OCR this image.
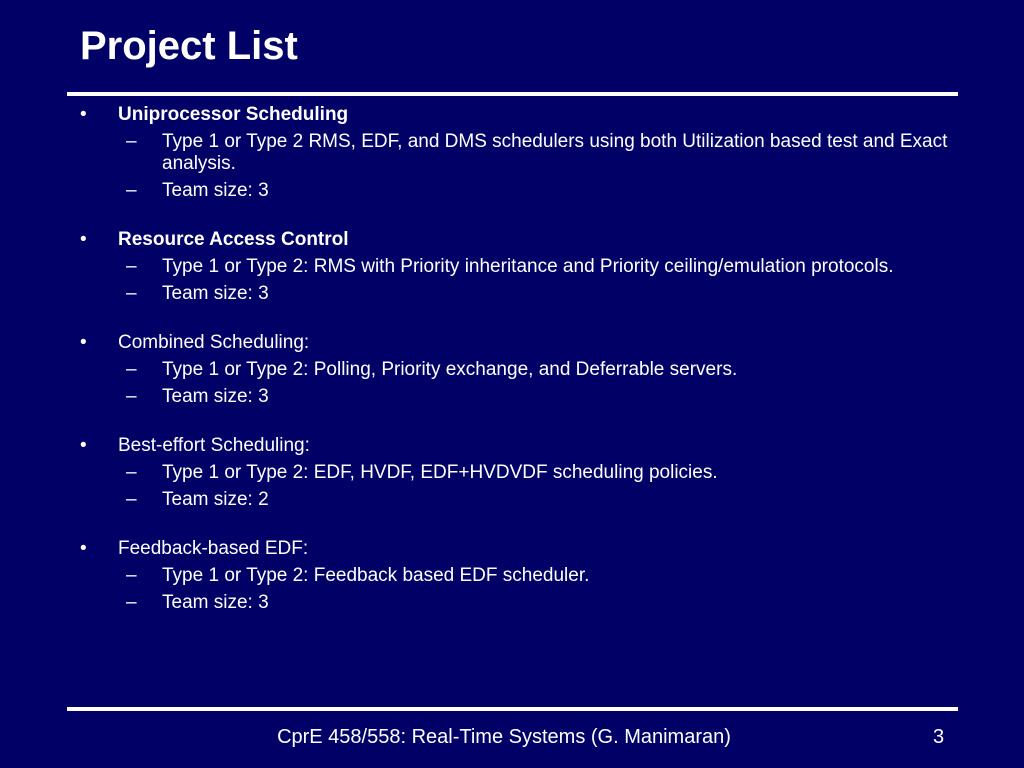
Project List
•	Uniprocessor Scheduling
–	Type 1 or Type 2 RMS, EDF, and DMS schedulers using both Utilization based test and Exact analysis.
–	Team size: 3
•	Resource Access Control
–	Type 1 or Type 2: RMS with Priority inheritance and Priority ceiling/emulation protocols.
–	Team size: 3
•	Combined Scheduling:
–	Type 1 or Type 2: Polling, Priority exchange, and Deferrable servers.
–	Team size: 3
•	Best-effort Scheduling:
–	Type 1 or Type 2: EDF, HVDF, EDF+HVDVDF scheduling policies.
–	Team size: 2
•	Feedback-based EDF:
–	Type 1 or Type 2: Feedback based EDF scheduler.
–	Team size: 3
CprE 458/558: Real-Time Systems (G. Manimaran)	3
